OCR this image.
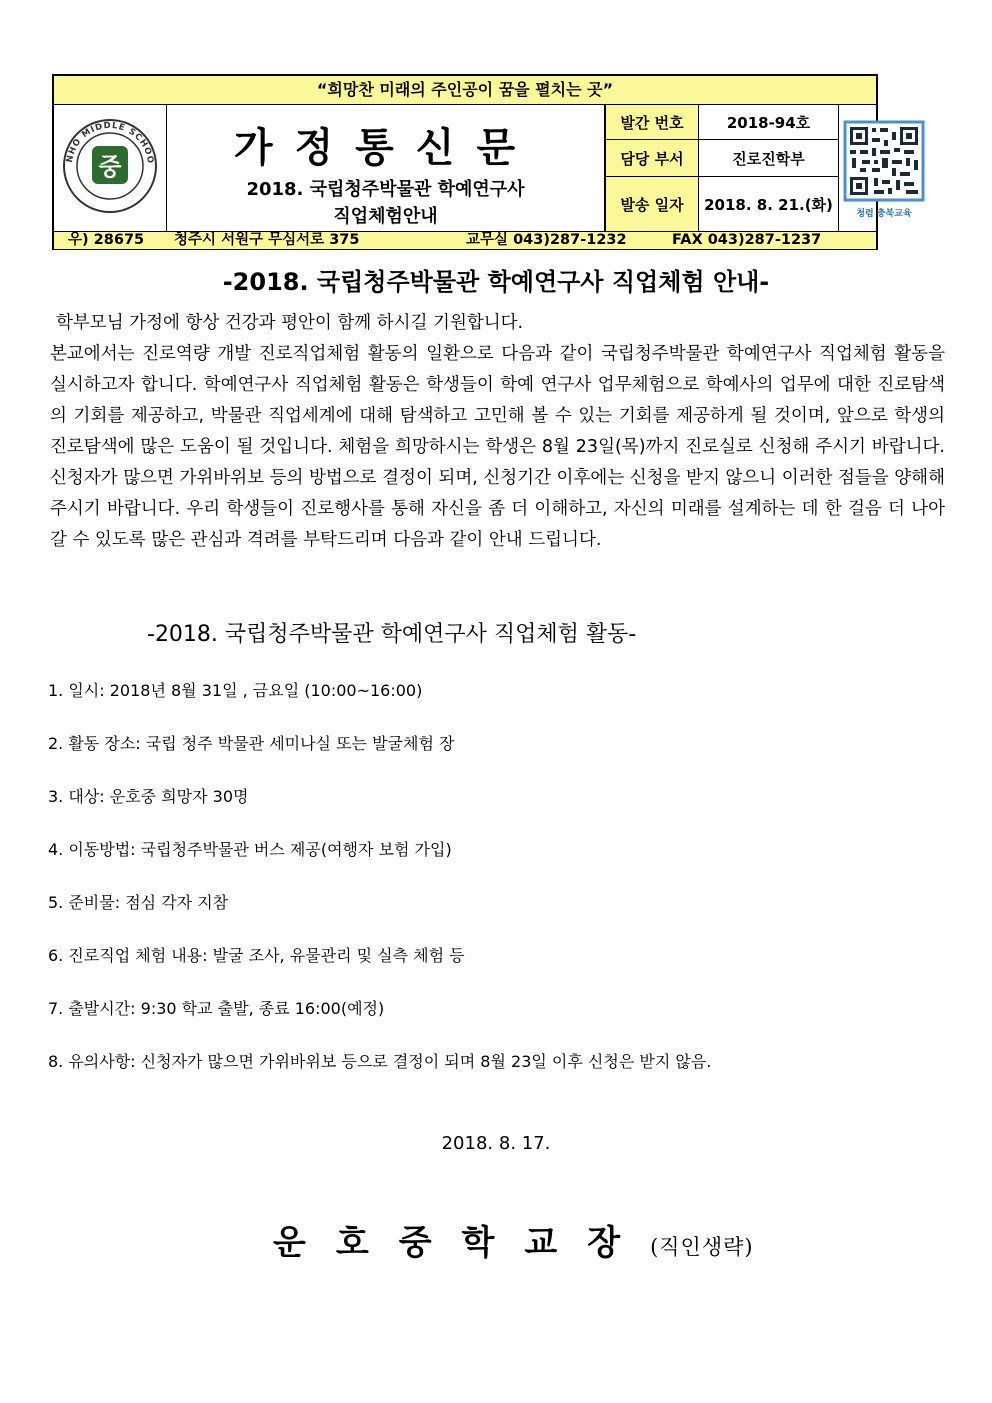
“희망찬 미래의 주인공이 꿈을 펼치는 곳”
NHO MIDDLE SCHOO
중	가정통신문
2018. 국립청주박물관 학예연구사
직업체험안내
발간 번호	2018-94호
담당 부서	진로진학부
발송 일자	2018. 8. 21.(화)
청렴 충북교육
우) 28675 청주시 서원구 무심서로 375	교무실 043)287-1232	FAX 043)287-1237
-2018. 국립청주박물관 학예연구사 직업체험 안내-

학부모님 가정에 항상 건강과 평안이 함께 하시길 기원합니다.

본교에서는 진로역량 개발 진로직업체험 활동의 일환으로 다음과 같이 국립청주박물관 학예연구사 직업체험 활동을 실시하고자 합니다. 학예연구사 직업체험 활동은 학생들이 학예 연구사 업무체험으로 학예사의 업무에 대한 진로탐색의 기회를 제공하고, 박물관 직업세계에 대해 탐색하고 고민해 볼 수 있는 기회를 제공하게 될 것이며, 앞으로 학생의 진로탐색에 많은 도움이 될 것입니다. 체험을 희망하시는 학생은 8월 23일(목)까지 진로실로 신청해 주시기 바랍니다. 신청자가 많으면 가위바위보 등의 방법으로 결정이 되며, 신청기간 이후에는 신청을 받지 않으니 이러한 점들을 양해해 주시기 바랍니다. 우리 학생들이 진로행사를 통해 자신을 좀 더 이해하고, 자신의 미래를 설계하는 데 한 걸음 더 나아갈 수 있도록 많은 관심과 격려를 부탁드리며 다음과 같이 안내 드립니다.

-2018. 국립청주박물관 학예연구사 직업체험 활동-
1. 일시: 2018년 8월 31일 , 금요일 (10:00~16:00)
2. 활동 장소: 국립 청주 박물관 세미나실 또는 발굴체험 장
3. 대상: 운호중 희망자 30명
4. 이동방법: 국립청주박물관 버스 제공(여행자 보험 가입)
5. 준비물: 점심 각자 지참
6. 진로직업 체험 내용: 발굴 조사, 유물관리 및 실측 체험 등
7. 출발시간: 9:30 학교 출발, 종료 16:00(예정)
8. 유의사항: 신청자가 많으면 가위바위보 등으로 결정이 되며 8월 23일 이후 신청은 받지 않음.
2018. 8. 17.
운호중학교장(직인생략)
